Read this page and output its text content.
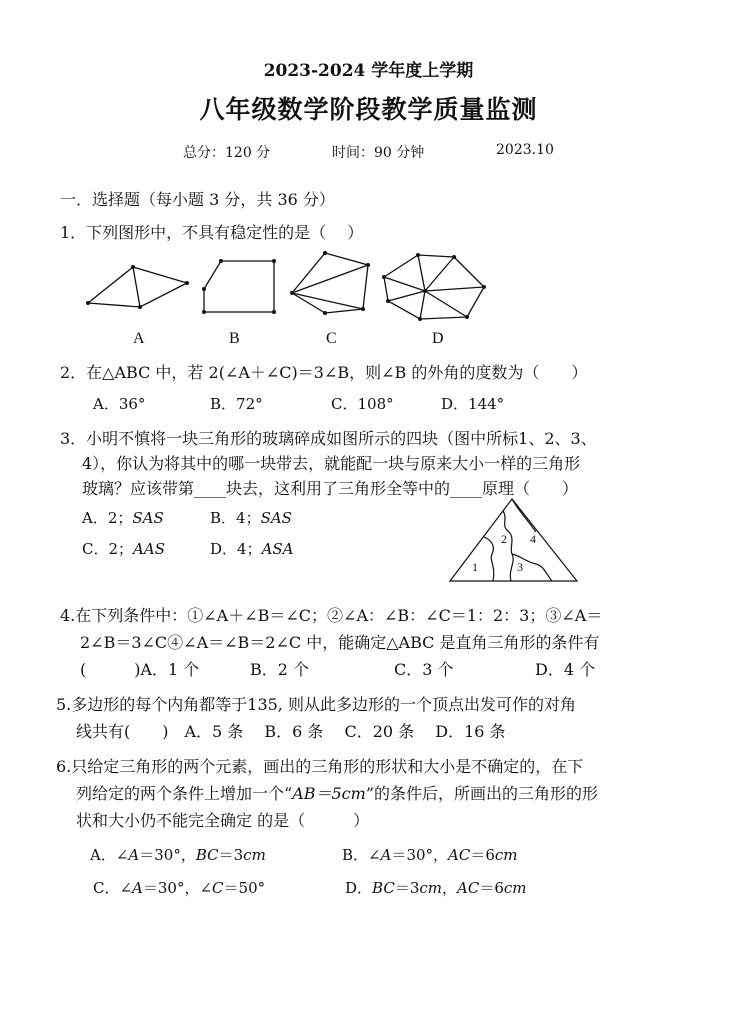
2023-2024 学年度上学期
八年级数学阶段教学质量监测
总分：120 分	时间：90 分钟	2023.10
一．选择题（每小题 3 分，共 36 分）
1．下列图形中，不具有稳定性的是（　 ）
A	B	C	D
2．在△ABC 中，若 2(∠A＋∠C)＝3∠B，则∠B 的外角的度数为（　　）
A．36°	B．72°	C．108°	D．144°
3．小明不慎将一块三角形的玻璃碎成如图所示的四块（图中所标1、2、3、
4），你认为将其中的哪一块带去，就能配一块与原来大小一样的三角形
玻璃？应该带第____块去，这利用了三角形全等中的____原理（　　）
A．2；SAS	B．4；SAS
C．2；AAS	D．4；ASA
1
2
3
4
4.在下列条件中：①∠A＋∠B＝∠C；②∠A：∠B：∠C＝1：2：3；③∠A＝
2∠B＝3∠C④∠A＝∠B＝2∠C 中，能确定△ABC 是直角三角形的条件有
(　　　)A．1 个	B．2 个	C．3 个	D．4 个
5.多边形的每个内角都等于135, 则从此多边形的一个顶点出发可作的对角
线共有(　　)　A．5 条　 B．6 条　 C．20 条　 D．16 条
6.只给定三角形的两个元素，画出的三角形的形状和大小是不确定的，在下
列给定的两个条件上增加一个“AB＝5cm”的条件后，所画出的三角形的形
状和大小仍不能完全确定 的是（　　　）
A．∠A＝30°，BC＝3cm	B．∠A＝30°，AC＝6cm
C．∠A＝30°，∠C＝50°	D．BC＝3cm，AC＝6cm
